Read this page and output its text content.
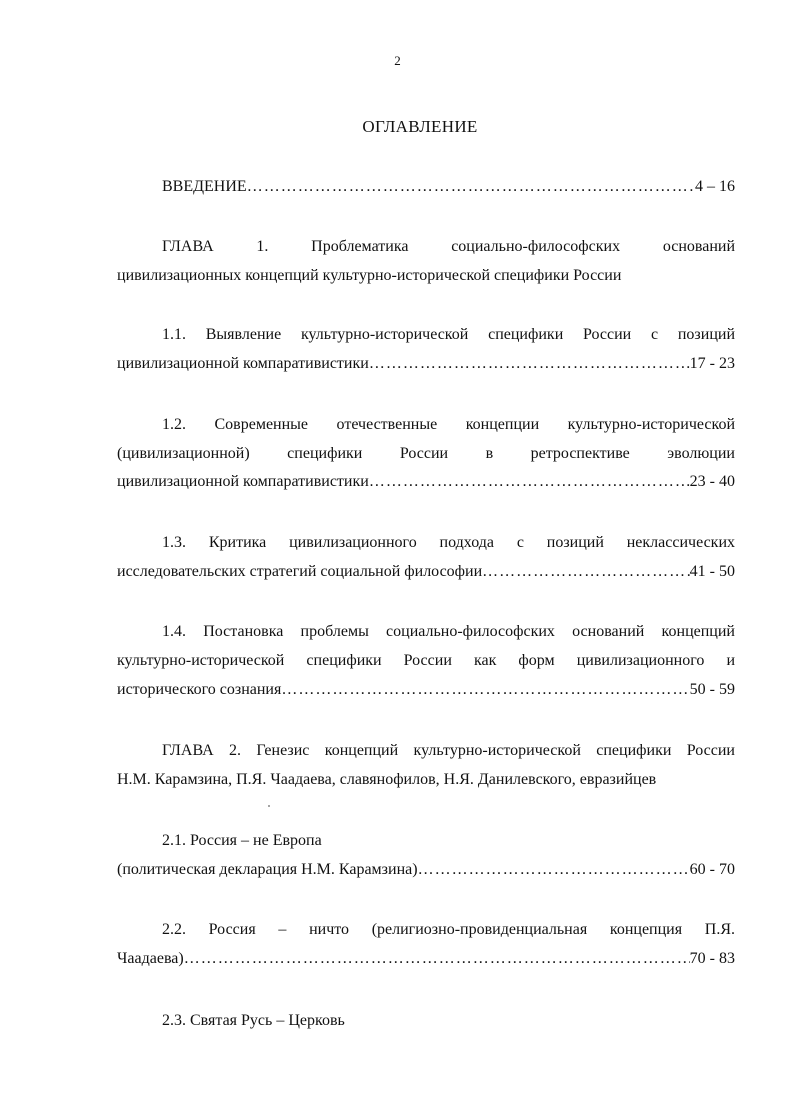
2
ОГЛАВЛЕНИЕ
ВВЕДЕНИЕ …………………………………………………………………………………………………………………………………………………………………………………………	4 – 16
ГЛАВА	1.	Проблематика	социально-философских	оснований
цивилизационных концепций культурно-исторической специфики России
1.1. Выявление культурно-исторической специфики России с позиций
цивилизационной компаративистики …………………………………………………………………………………………………………………………………………………………………………………………	17 - 23
1.2. Современные отечественные концепции культурно-исторической
(цивилизационной) специфики России в ретроспективе эволюции
цивилизационной компаративистики …………………………………………………………………………………………………………………………………………………………………………………………	23 - 40
1.3. Критика цивилизационного подхода с позиций неклассических
исследовательских стратегий социальной философии …………………………………………………………………………………………………………………………………………………………………………………………	41 - 50
1.4. Постановка проблемы социально-философских оснований концепций
культурно-исторической специфики России как форм цивилизационного и
исторического сознания …………………………………………………………………………………………………………………………………………………………………………………………	50 - 59
ГЛАВА 2. Генезис концепций культурно-исторической специфики России
Н.М. Карамзина, П.Я. Чаадаева, славянофилов, Н.Я. Данилевского, евразийцев
2.1. Россия – не Европа
(политическая декларация Н.М. Карамзина) …………………………………………………………………………………………………………………………………………………………………………………………	60 - 70
2.2. Россия – ничто (религиозно-провиденциальная концепция П.Я.
Чаадаева) …………………………………………………………………………………………………………………………………………………………………………………………	70 - 83
2.3. Святая Русь – Церковь
